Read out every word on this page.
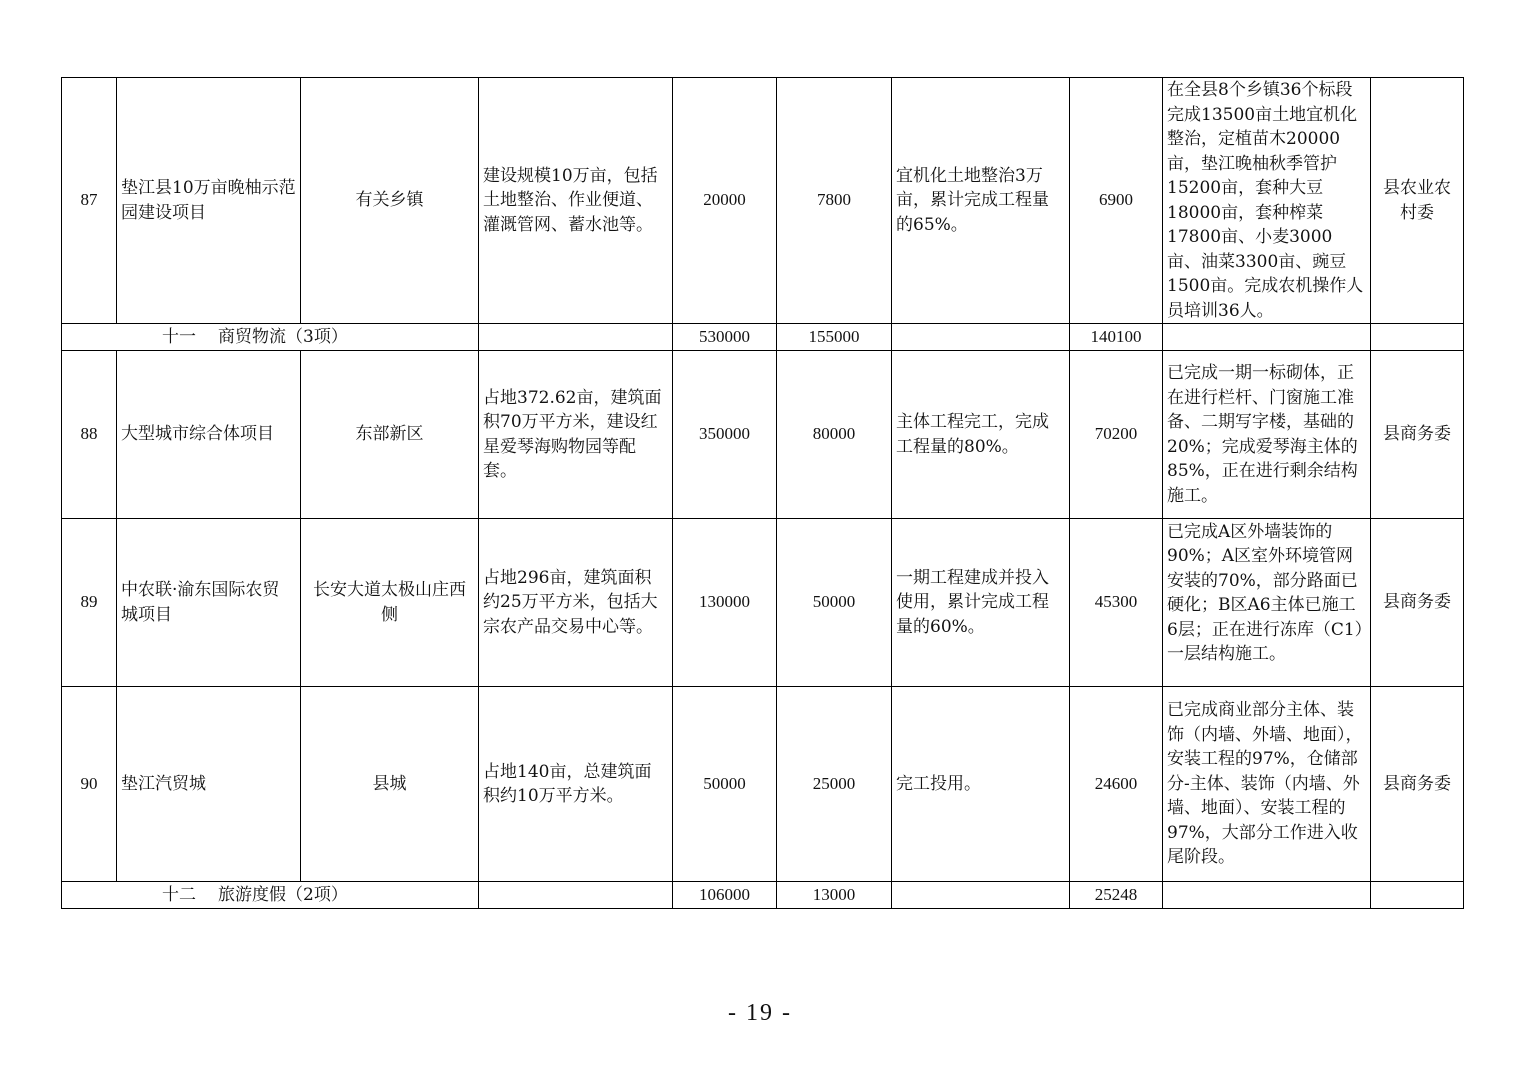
87	垫江县10万亩晚柚示范园建设项目	有关乡镇	建设规模10万亩，包括土地整治、作业便道、灌溉管网、蓄水池等。	20000	7800	宜机化土地整治3万亩，累计完成工程量的65%。	6900	在全县8个乡镇36个标段完成13500亩土地宜机化整治，定植苗木20000亩，垫江晚柚秋季管护15200亩，套种大豆18000亩，套种榨菜17800亩、小麦3000亩、油菜3300亩、豌豆1500亩。完成农机操作人员培训36人。	县农业农村委
十一 商贸物流（3项）				530000	155000		140100		
88	大型城市综合体项目	东部新区	占地372.62亩，建筑面积70万平方米，建设红星爱琴海购物园等配套。	350000	80000	主体工程完工，完成工程量的80%。	70200	已完成一期一标砌体，正在进行栏杆、门窗施工准备、二期写字楼，基础的20%；完成爱琴海主体的85%，正在进行剩余结构施工。	县商务委
89	中农联·渝东国际农贸城项目	长安大道太极山庄西侧	占地296亩，建筑面积约25万平方米，包括大宗农产品交易中心等。	130000	50000	一期工程建成并投入使用，累计完成工程量的60%。	45300	已完成A区外墙装饰的90%；A区室外环境管网安装的70%，部分路面已硬化；B区A6主体已施工6层；正在进行冻库（C1）一层结构施工。	县商务委
90	垫江汽贸城	县城	占地140亩，总建筑面积约10万平方米。	50000	25000	完工投用。	24600	已完成商业部分主体、装饰（内墙、外墙、地面），安装工程的97%，仓储部分-主体、装饰（内墙、外墙、地面）、安装工程的97%，大部分工作进入收尾阶段。	县商务委
十二 旅游度假（2项）				106000	13000		25248		
- 19 -
